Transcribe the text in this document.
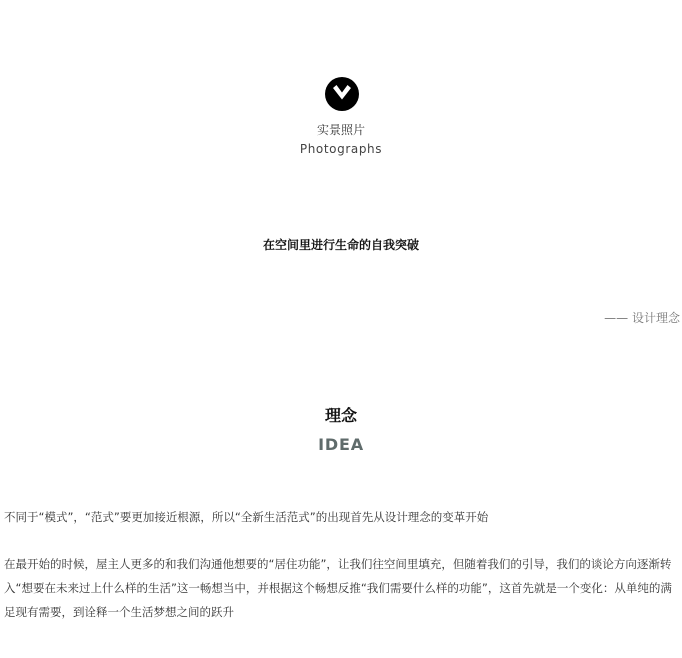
实景照片
Photographs
在空间里进行生命的自我突破
—— 设计理念
理念
IDEA

不同于“模式”，“范式”要更加接近根源，所以“全新生活范式”的出现首先从设计理念的变革开始

在最开始的时候，屋主人更多的和我们沟通他想要的“居住功能”，让我们往空间里填充，但随着我们的引导，我们的谈论方向逐渐转入“想要在未来过上什么样的生活”这一畅想当中，并根据这个畅想反推“我们需要什么样的功能”，这首先就是一个变化：从单纯的满足现有需要，到诠释一个生活梦想之间的跃升
